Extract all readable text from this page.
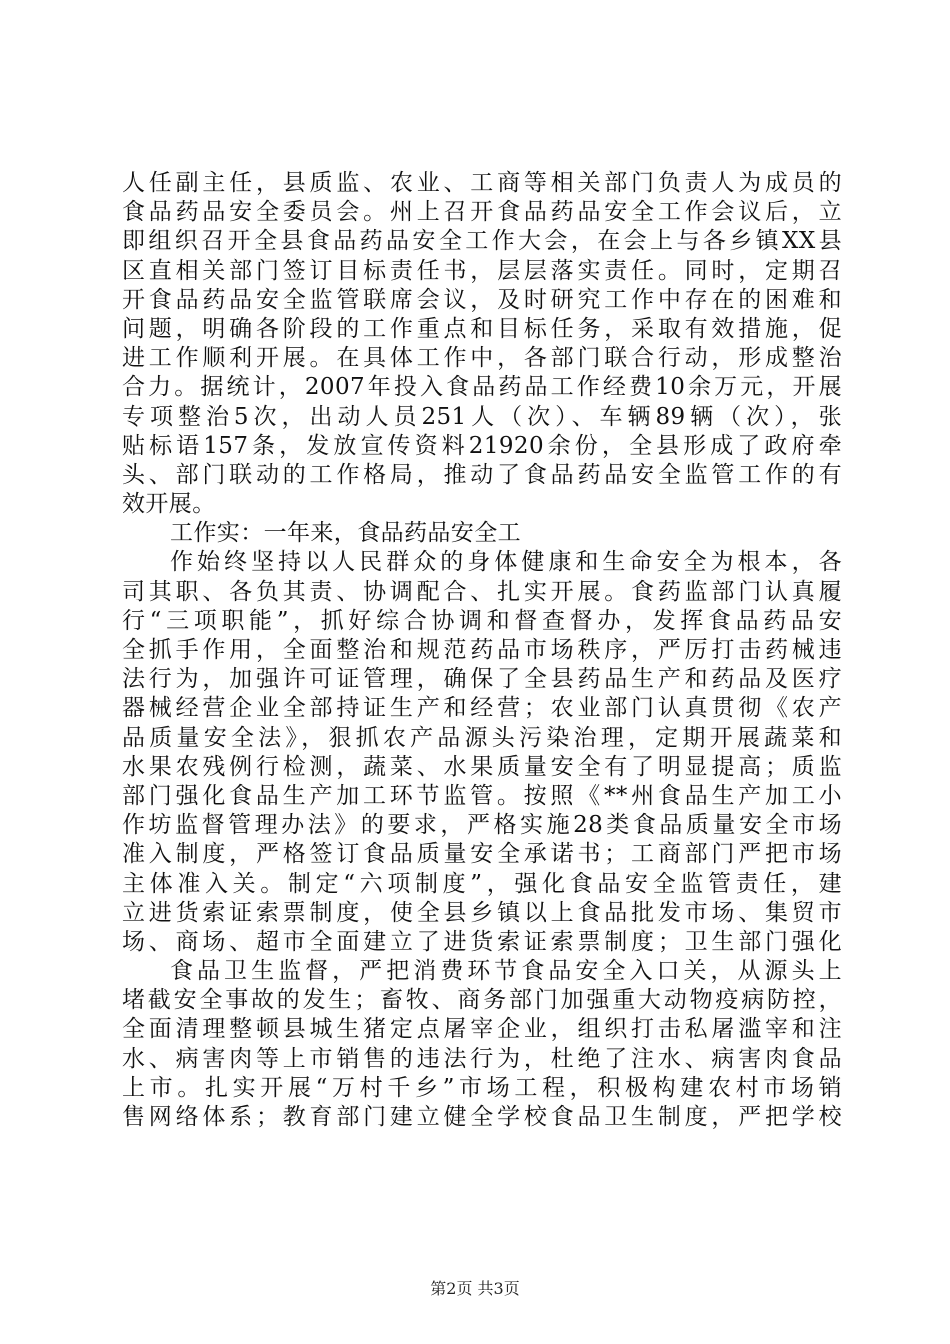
人任副主任，县质监、农业、工商等相关部门负责人为成员的
食品药品安全委员会。州上召开食品药品安全工作会议后，立
即组织召开全县食品药品安全工作大会，在会上与各乡镇XX县
区直相关部门签订目标责任书，层层落实责任。同时，定期召
开食品药品安全监管联席会议，及时研究工作中存在的困难和
问题，明确各阶段的工作重点和目标任务，采取有效措施，促
进工作顺利开展。在具体工作中，各部门联合行动，形成整治
合力。据统计，2007年投入食品药品工作经费10余万元，开展
专项整治5次，出动人员251人（次）、车辆89辆（次），张
贴标语157条，发放宣传资料21920余份，全县形成了政府牵
头、部门联动的工作格局，推动了食品药品安全监管工作的有
效开展。
工作实：一年来，食品药品安全工
作始终坚持以人民群众的身体健康和生命安全为根本，各
司其职、各负其责、协调配合、扎实开展。食药监部门认真履
行“三项职能”，抓好综合协调和督查督办，发挥食品药品安
全抓手作用，全面整治和规范药品市场秩序，严厉打击药械违
法行为，加强许可证管理，确保了全县药品生产和药品及医疗
器械经营企业全部持证生产和经营；农业部门认真贯彻《农产
品质量安全法》，狠抓农产品源头污染治理，定期开展蔬菜和
水果农残例行检测，蔬菜、水果质量安全有了明显提高；质监
部门强化食品生产加工环节监管。按照《**州食品生产加工小
作坊监督管理办法》的要求，严格实施28类食品质量安全市场
准入制度，严格签订食品质量安全承诺书；工商部门严把市场
主体准入关。制定“六项制度”，强化食品安全监管责任，建
立进货索证索票制度，使全县乡镇以上食品批发市场、集贸市
场、商场、超市全面建立了进货索证索票制度；卫生部门强化
食品卫生监督，严把消费环节食品安全入口关，从源头上
堵截安全事故的发生；畜牧、商务部门加强重大动物疫病防控，
全面清理整顿县城生猪定点屠宰企业，组织打击私屠滥宰和注
水、病害肉等上市销售的违法行为，杜绝了注水、病害肉食品
上市。扎实开展“万村千乡”市场工程，积极构建农村市场销
售网络体系；教育部门建立健全学校食品卫生制度，严把学校
第2页 共3页
